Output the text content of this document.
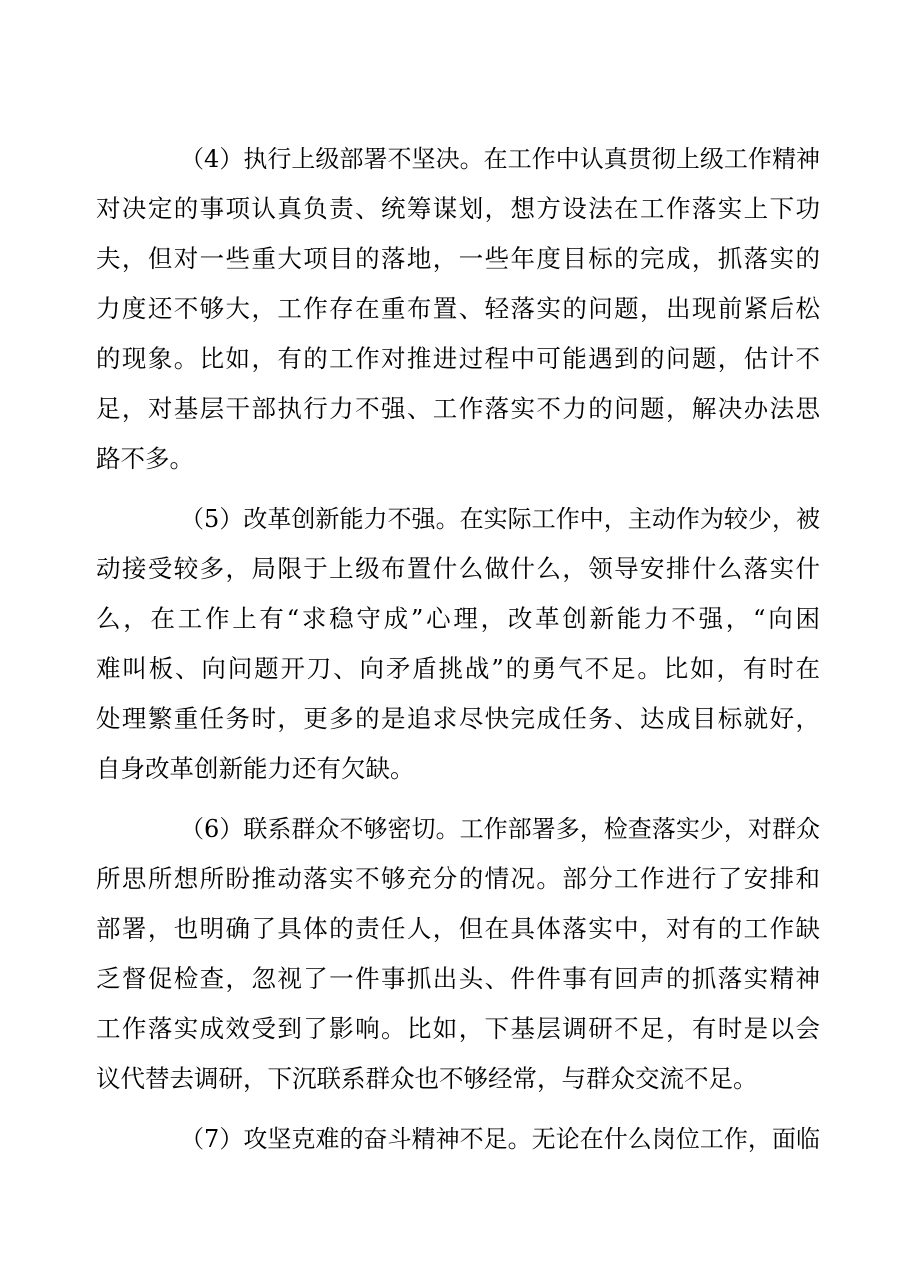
（4）执行上级部署不坚决。在工作中认真贯彻上级工作精神
对决定的事项认真负责、统筹谋划，想方设法在工作落实上下功
夫，但对一些重大项目的落地，一些年度目标的完成，抓落实的
力度还不够大，工作存在重布置、轻落实的问题，出现前紧后松
的现象。比如，有的工作对推进过程中可能遇到的问题，估计不
足，对基层干部执行力不强、工作落实不力的问题，解决办法思
路不多。
（5）改革创新能力不强。在实际工作中，主动作为较少，被
动接受较多，局限于上级布置什么做什么，领导安排什么落实什
么，在工作上有“求稳守成”心理，改革创新能力不强，“向困
难叫板、向问题开刀、向矛盾挑战”的勇气不足。比如，有时在
处理繁重任务时，更多的是追求尽快完成任务、达成目标就好，
自身改革创新能力还有欠缺。
（6）联系群众不够密切。工作部署多，检查落实少，对群众
所思所想所盼推动落实不够充分的情况。部分工作进行了安排和
部署，也明确了具体的责任人，但在具体落实中，对有的工作缺
乏督促检查，忽视了一件事抓出头、件件事有回声的抓落实精神
工作落实成效受到了影响。比如，下基层调研不足，有时是以会
议代替去调研，下沉联系群众也不够经常，与群众交流不足。
（7）攻坚克难的奋斗精神不足。无论在什么岗位工作，面临
